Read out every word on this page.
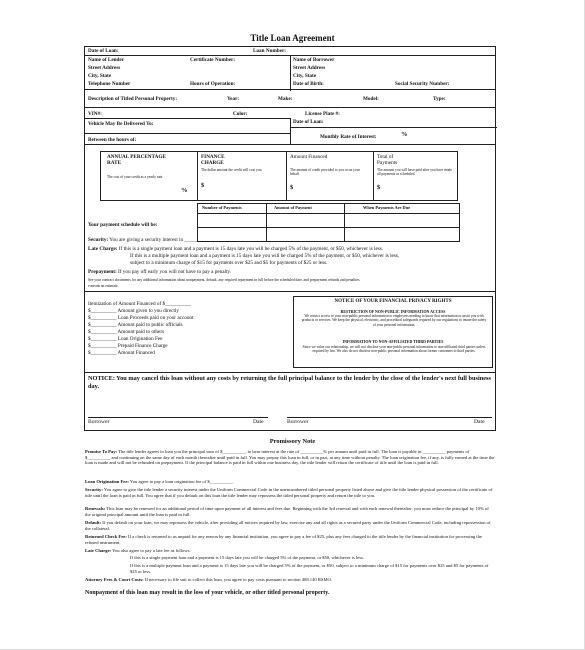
Title Loan Agreement
Date of Loan:	Loan Number:
Name of Lender	Certificate Number:	Name of Borrower
Street Address	Street Address
City, State	City, State
Telephone Number	Hours of Operation:	Date of Birth:	Social Security Number:
Description of Titled Personal Property:	Year:	Make:	Model:	Type:
VIN#:	Color:	License Plate #:
Vehicle May Be Delivered To:	Date of Loan:
Monthly Rate of Interest:	%
Between the hours of:
ANNUAL PERCENTAGE RATE
The cost of your credit as a yearly rate.
%
FINANCE CHARGE
The dollar amount the credit will cost you.
$
Amount Financed
The amount of credit provided to you or on your behalf.
$
Total of Payments
The amount you will have paid after you have made all payments as scheduled.
$
Number of Payments	Amount of Payment	When Payments Are Due
Your payment schedule will be:
Security: You are giving a security interest in ____________________
Late Charge: If this is a single payment loan and a payment is 15 days late you will be charged 5% of the payment, or $50, whichever is less.
If this is a multiple payment loan and a payment is 15 days late you will be charged 5% of the payment, or $50, whichever is less,
subject to a minimum charge of $15 for payments over $25 and $5 for payments of $25 or less.
Prepayment: If you pay off early you will not have to pay a penalty.
See your contract documents for any additional information about nonpayment, default, any required repayment in full before the scheduled date, and prepayment refunds and penalties.
e means an estimate.
Itemization of Amount Financed of $__________
$__________ Amount given to you directly
$__________ Loan Proceeds paid on your account
$__________ Amount paid to public officials
$__________ Amount paid to others
$__________ Loan Origination Fee
$__________ Prepaid Finance Charge
$__________ Amount Financed
NOTICE OF YOUR FINANCIAL PRIVACY RIGHTS
RESTRICTION OF NON-PUBLIC INFORMATION ACCESS
We restrict access to your non-public personal information to employees needing to know that information to assist you with products or services. We keep the physical, electronic, and procedural safeguards required by our regulations to insure the safety of your personal information.
INFORMATION TO NON-AFFILIATED THIRD PARTIES
Since we value our relationship, we will not disclose your non-public personal information to non-affiliated third parties unless required by law. We also do not disclose non-public personal information about former customers to third parties.
NOTICE: You may cancel this loan without any costs by returning the full principal balance to the lender by the close of the lender's next full business day.
Borrower	Date	Borrower	Date
Promissory Note
Promise To Pay: The title lender agrees to loan you the principal sum of $__________, to bear interest at the rate of __________% per annum until paid in full. The loan is payable in __________ payments of $__________ and continuing on the same day of each month thereafter until paid in full. You may prepay this loan in full, or in part, at any time without penalty. The loan origination fee, if any, is fully earned at the time the loan is made and will not be refunded on prepayment. If the principal balance is paid in full within one business day, the title lender will return the certificate of title until the loan is paid in full.
Loan Origination Fee: You agree to pay a loan origination fee of $__________.
Security: You agree to give the title lender a security interest under the Uniform Commercial Code in the unencumbered titled personal property listed above and give the title lender physical possession of the certificate of title until the loan is paid in full. You agree that if you default on this loan the title lender may repossess the titled personal property and return the title to you.
Renewals: This loan may be renewed for an additional period of time upon payment of all interest and fees due. Beginning with the 3rd renewal and with each renewal thereafter, you must reduce the principal by 10% of the original principal amount until the loan is paid in full.
Default: If you default on your loan, we may repossess the vehicle, after providing all notices required by law, exercise any and all rights as a secured party under the Uniform Commercial Code, including repossession of the collateral.
Returned Check Fee: If a check is returned to us unpaid for any reason by any financial institution, you agree to pay a fee of $25, plus any fees charged to the title lender by the financial institution for processing the refused instrument.
Late Charge: You also agree to pay a late fee as follows:
If this is a single payment loan and a payment is 15 days late you will be charged 5% of the payment, or $50, whichever is less.
If this is a multiple payment loan and a payment is 15 days late you will be charged 5% of the payment, or $50, subject to a minimum charge of $15 for payments over $25 and $5 for payments of $25 or less.
Attorney Fees & Court Costs: If necessary to file suit to collect this loan, you agree to pay costs pursuant to section 408.140 RSMO.
Nonpayment of this loan may result in the loss of your vehicle, or other titled personal property.
